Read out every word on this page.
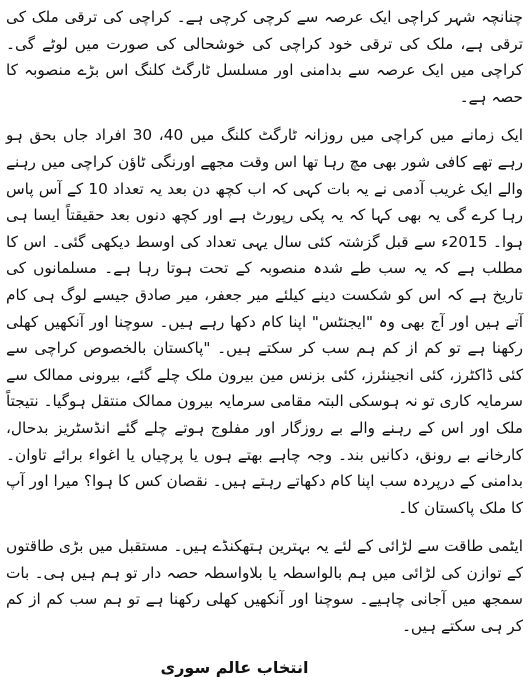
چنانچہ شہر کراچی ایک عرصہ سے کرچی کرچی ہے۔ کراچی کی ترقی ملک کی ترقی ہے، ملک کی ترقی خود کراچی کی خوشحالی کی صورت میں لوٹے گی۔ کراچی میں ایک عرصہ سے بدامنی اور مسلسل ٹارگٹ کلنگ اس بڑے منصوبہ کا حصہ ہے۔

ایک زمانے میں کراچی میں روزانہ ٹارگٹ کلنگ میں 40، 30 افراد جاں بحق ہو رہے تھے کافی شور بھی مچ رہا تھا اس وقت مجھے اورنگی ٹاؤن کراچی میں رہنے والے ایک غریب آدمی نے یہ بات کہی کہ اب کچھ دن بعد یہ تعداد 10 کے آس پاس رہا کرے گی یہ بھی کہا کہ یہ پکی رپورٹ ہے اور کچھ دنوں بعد حقیقتاً ایسا ہی ہوا۔ 2015ء سے قبل گزشتہ کئی سال یہی تعداد کی اوسط دیکھی گئی۔ اس کا مطلب ہے کہ یہ سب طے شدہ منصوبہ کے تحت ہوتا رہا ہے۔ مسلمانوں کی تاریخ ہے کہ اس کو شکست دینے کیلئے میر جعفر، میر صادق جیسے لوگ ہی کام آتے ہیں اور آج بھی وہ "ایجنٹس" اپنا کام دکھا رہے ہیں۔ سوچنا اور آنکھیں کھلی رکھنا ہے تو کم از کم ہم سب کر سکتے ہیں۔ "پاکستان بالخصوص کراچی سے کئی ڈاکٹرز، کئی انجینئرز، کئی بزنس مین بیرون ملک چلے گئے، بیرونی ممالک سے سرمایہ کاری تو نہ ہوسکی البتہ مقامی سرمایہ بیرون ممالک منتقل ہوگیا۔ نتیجتاً ملک اور اس کے رہنے والے بے روزگار اور مفلوج ہوتے چلے گئے انڈسٹریز بدحال، کارخانے بے رونق، دکانیں بند۔ وجہ چاہے بھتے ہوں یا پرچیاں یا اغواء برائے تاوان۔ بدامنی کے درپردہ سب اپنا کام دکھاتے رہتے ہیں۔ نقصان کس کا ہوا؟ میرا اور آپ کا ملک پاکستان کا۔

ایٹمی طاقت سے لڑائی کے لئے یہ بہترین ہتھکنڈے ہیں۔ مستقبل میں بڑی طاقتوں کے توازن کی لڑائی میں ہم بالواسطہ یا بلاواسطہ حصہ دار تو ہم ہیں ہی۔ بات سمجھ میں آجانی چاہیے۔ سوچنا اور آنکھیں کھلی رکھنا ہے تو ہم سب کم از کم کر ہی سکتے ہیں۔

انتخاب عالم سوری
